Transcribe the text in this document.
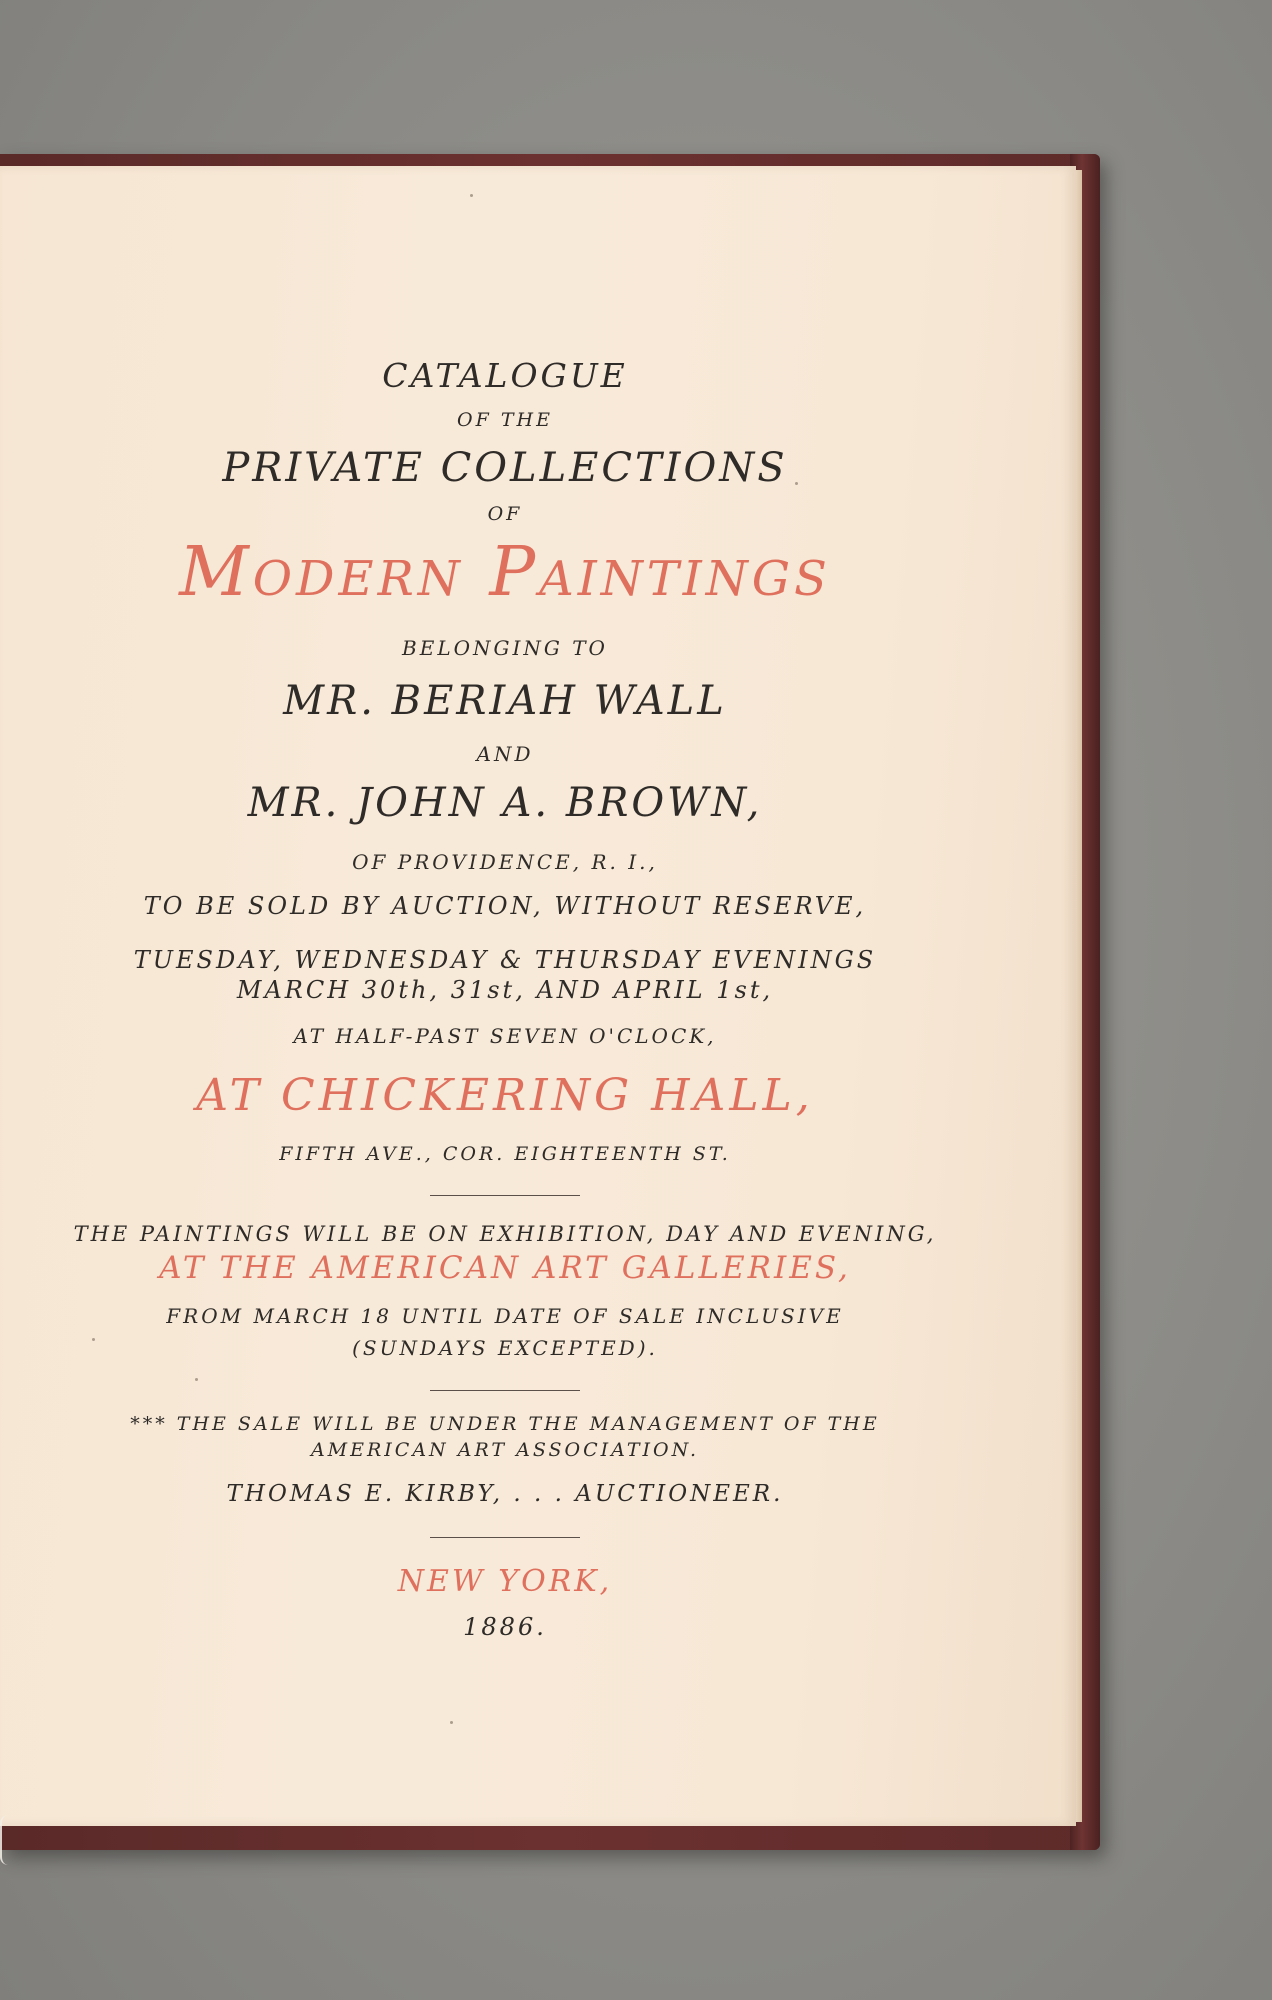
CATALOGUE
OF THE
PRIVATE COLLECTIONS
OF
Modern Paintings
BELONGING TO
MR. BERIAH WALL
AND
MR. JOHN A. BROWN,
OF PROVIDENCE, R. I.,
TO BE SOLD BY AUCTION, WITHOUT RESERVE,
TUESDAY, WEDNESDAY & THURSDAY EVENINGS
MARCH 30th, 31st, AND APRIL 1st,
AT HALF-PAST SEVEN O'CLOCK,
AT CHICKERING HALL,
FIFTH AVE., COR. EIGHTEENTH ST.
THE PAINTINGS WILL BE ON EXHIBITION, DAY AND EVENING,
AT THE AMERICAN ART GALLERIES,
FROM MARCH 18 UNTIL DATE OF SALE INCLUSIVE
(SUNDAYS EXCEPTED).
*** THE SALE WILL BE UNDER THE MANAGEMENT OF THE
AMERICAN ART ASSOCIATION.
THOMAS E. KIRBY, . . . AUCTIONEER.
NEW YORK,
1886.
